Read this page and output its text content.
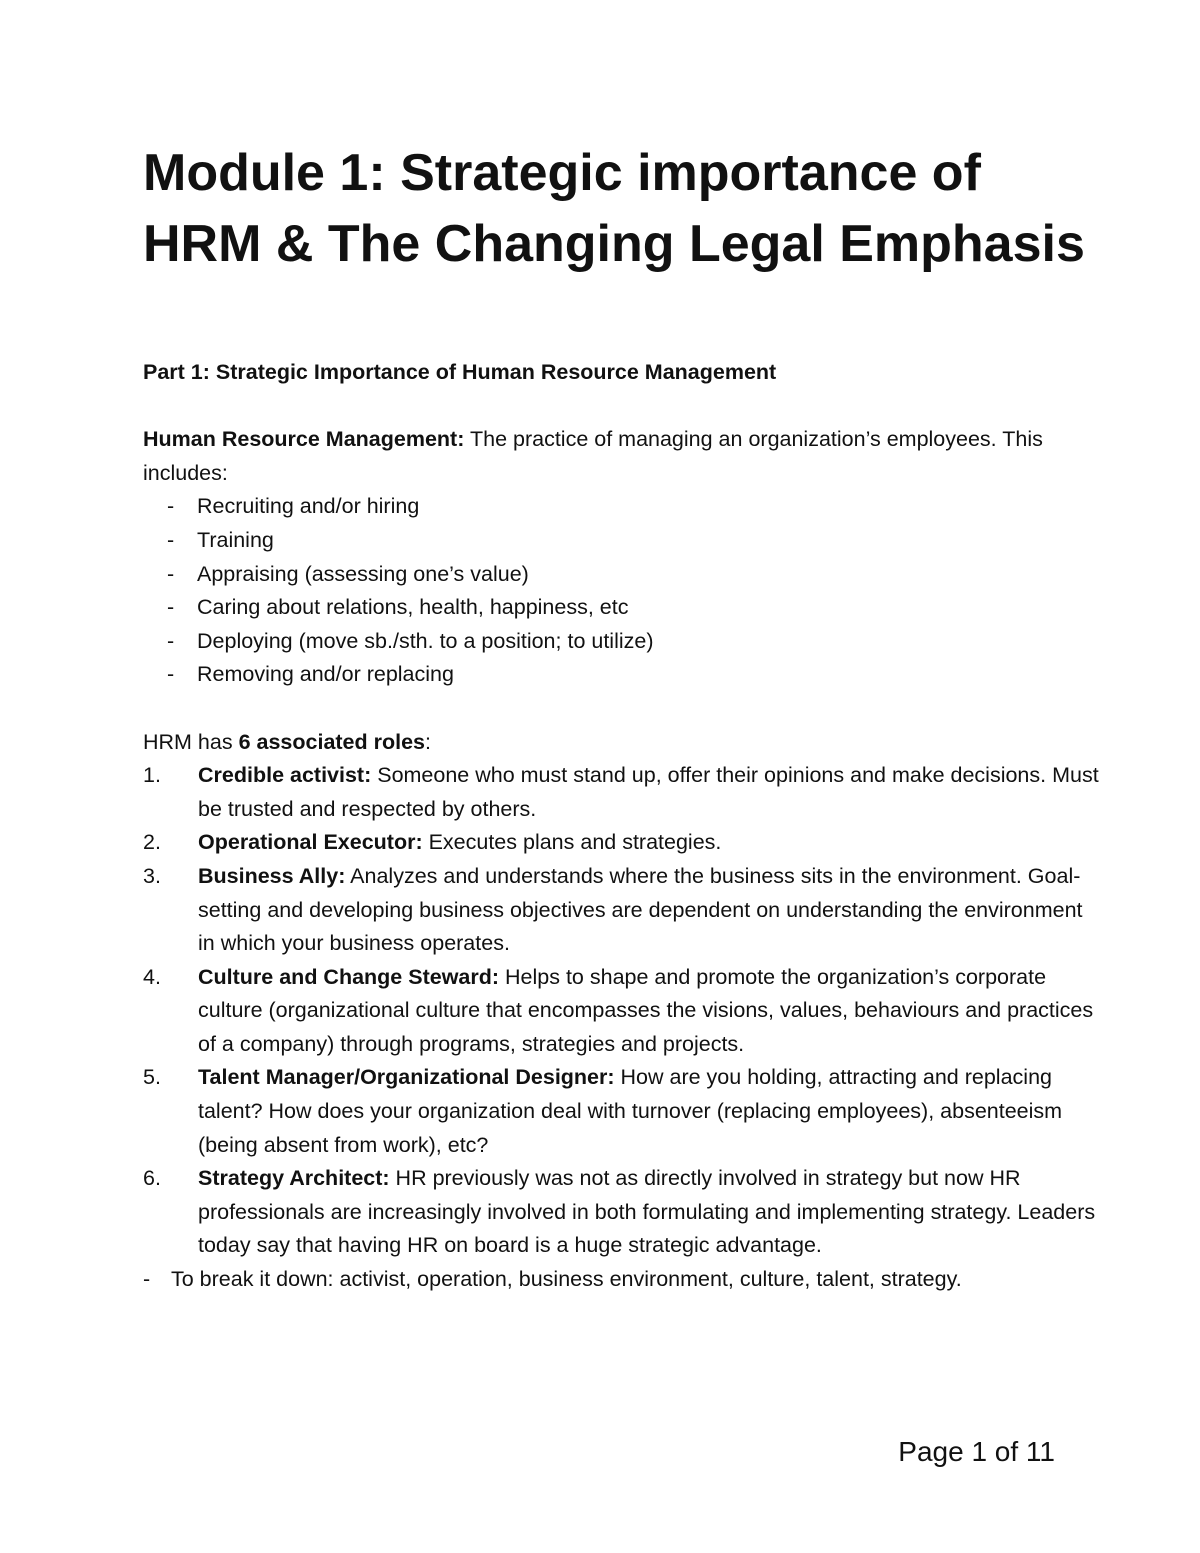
Module 1: Strategic importance of
HRM & The Changing Legal Emphasis

Part 1: Strategic Importance of Human Resource Management

Human Resource Management: The practice of managing an organization’s employees. This includes:

- Recruiting and/or hiring
- Training
- Appraising (assessing one’s value)
- Caring about relations, health, happiness, etc
- Deploying (move sb./sth. to a position; to utilize)
- Removing and/or replacing

HRM has 6 associated roles:

1. Credible activist: Someone who must stand up, offer their opinions and make decisions. Must be trusted and respected by others.
2. Operational Executor: Executes plans and strategies.
3. Business Ally: Analyzes and understands where the business sits in the environment. Goal-setting and developing business objectives are dependent on understanding the environment in which your business operates.
4. Culture and Change Steward: Helps to shape and promote the organization’s corporate culture (organizational culture that encompasses the visions, values, behaviours and practices of a company) through programs, strategies and projects.
5. Talent Manager/Organizational Designer: How are you holding, attracting and replacing talent? How does your organization deal with turnover (replacing employees), absenteeism (being absent from work), etc?
6. Strategy Architect: HR previously was not as directly involved in strategy but now HR professionals are increasingly involved in both formulating and implementing strategy. Leaders today say that having HR on board is a huge strategic advantage.

- To break it down: activist, operation, business environment, culture, talent, strategy.

Page 1 of 11
